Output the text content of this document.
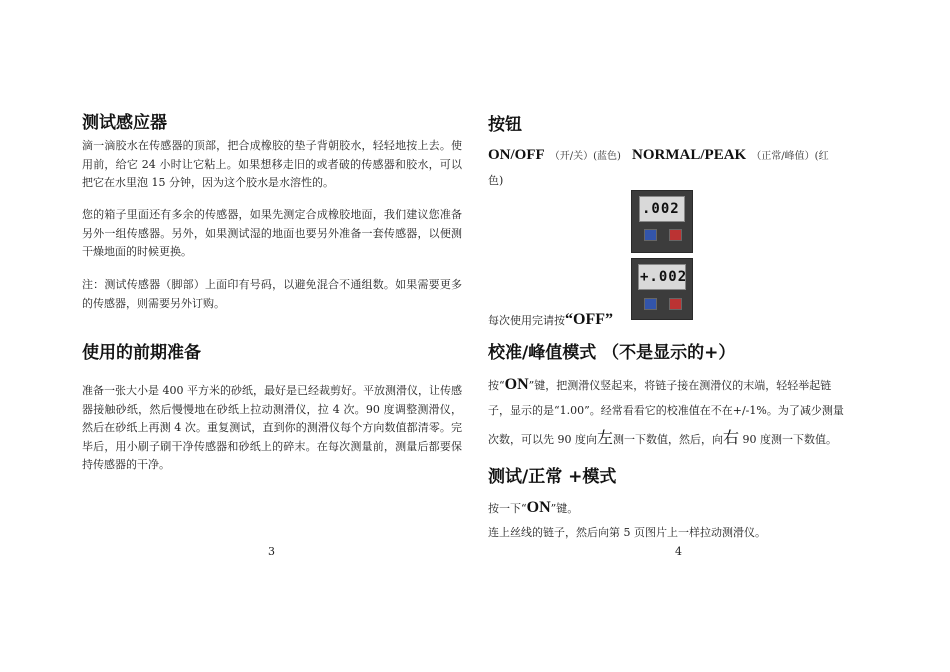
测试感应器
滴一滴胶水在传感器的顶部，把合成橡胶的垫子背朝胶水，轻轻地按上去。使用前，给它 24 小时让它粘上。如果想移走旧的或者破的传感器和胶水，可以把它在水里泡 15 分钟，因为这个胶水是水溶性的。
您的箱子里面还有多余的传感器，如果先测定合成橡胶地面，我们建议您准备另外一组传感器。另外，如果测试湿的地面也要另外准备一套传感器，以便测干燥地面的时候更换。
注：测试传感器（脚部）上面印有号码，以避免混合不通组数。如果需要更多的传感器，则需要另外订购。
使用的前期准备
准备一张大小是 400 平方米的砂纸，最好是已经裁剪好。平放测滑仪，让传感器接触砂纸，然后慢慢地在砂纸上拉动测滑仪，拉 4 次。90 度调整测滑仪，然后在砂纸上再测 4 次。重复测试，直到你的测滑仪每个方向数值都清零。完毕后，用小刷子刷干净传感器和砂纸上的碎末。在每次测量前，测量后都要保持传感器的干净。
3
按钮
ON/OFF （开/关）(蓝色) NORMAL/PEAK （正常/峰值）(红
色)
.002
+.002
每次使用完请按“OFF”
校准/峰值模式 （不是显示的+）
按“ON”键，把测滑仪竖起来，将链子接在测滑仪的末端，轻轻举起链
子，显示的是“1.00”。经常看看它的校准值在不在+/-1%。为了减少测量
次数，可以先 90 度向左测一下数值，然后，向右 90 度测一下数值。
测试/正常 +模式
按一下“ON”键。
连上丝线的链子，然后向第 5 页图片上一样拉动测滑仪。
4
